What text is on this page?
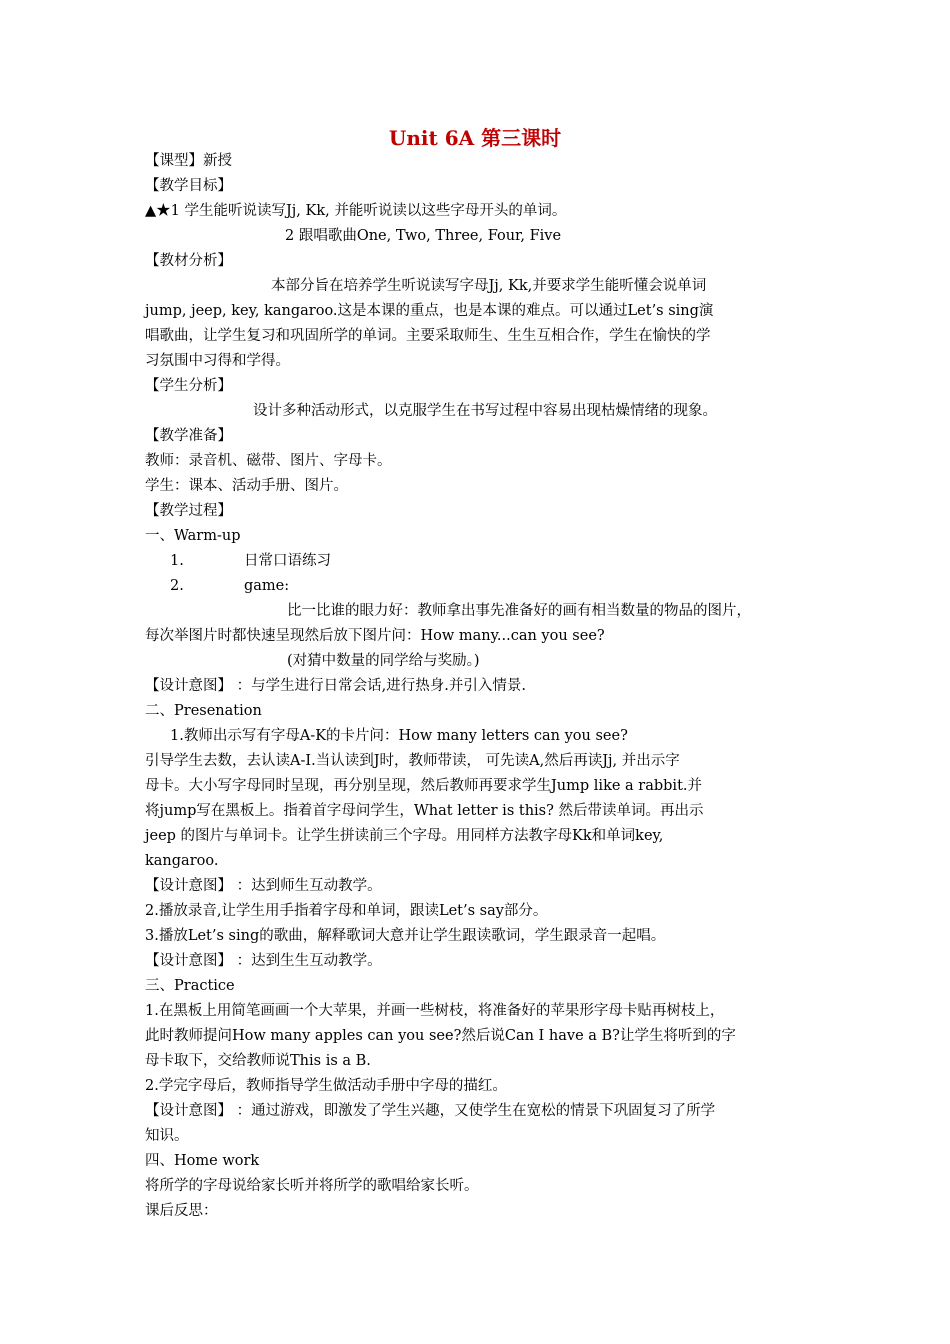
Unit 6A 第三课时
【课型】新授
【教学目标】
▲★1 学生能听说读写Jj, Kk, 并能听说读以这些字母开头的单词。
2 跟唱歌曲One, Two, Three, Four, Five
【教材分析】
本部分旨在培养学生听说读写字母Jj, Kk,并要求学生能听懂会说单词
jump, jeep, key, kangaroo.这是本课的重点，也是本课的难点。可以通过Let’s sing演
唱歌曲，让学生复习和巩固所学的单词。主要采取师生、生生互相合作，学生在愉快的学
习氛围中习得和学得。
【学生分析】
设计多种活动形式，以克服学生在书写过程中容易出现枯燥情绪的现象。
【教学准备】
教师：录音机、磁带、图片、字母卡。
学生：课本、活动手册、图片。
【教学过程】
一、Warm-up
1.	日常口语练习
2.	game:
比一比谁的眼力好：教师拿出事先准备好的画有相当数量的物品的图片，
每次举图片时都快速呈现然后放下图片问：How many...can you see?
(对猜中数量的同学给与奖励。)
【设计意图】 ：与学生进行日常会话,进行热身.并引入情景.
二、Presenation
1.教师出示写有字母A-K的卡片问：How many letters can you see?
引导学生去数，去认读A-I.当认读到J时，教师带读， 可先读A,然后再读Jj, 并出示字
母卡。大小写字母同时呈现，再分别呈现，然后教师再要求学生Jump like a rabbit.并
将jump写在黑板上。指着首字母问学生，What letter is this? 然后带读单词。再出示
jeep 的图片与单词卡。让学生拼读前三个字母。用同样方法教字母Kk和单词key,
kangaroo.
【设计意图】 ：达到师生互动教学。
2.播放录音,让学生用手指着字母和单词，跟读Let’s say部分。
3.播放Let’s sing的歌曲，解释歌词大意并让学生跟读歌词，学生跟录音一起唱。
【设计意图】 ：达到生生互动教学。
三、Practice
1.在黑板上用简笔画画一个大苹果，并画一些树枝，将准备好的苹果形字母卡贴再树枝上，
此时教师提问How many apples can you see?然后说Can I have a B?让学生将听到的字
母卡取下，交给教师说This is a B.
2.学完字母后，教师指导学生做活动手册中字母的描红。
【设计意图】 ：通过游戏，即激发了学生兴趣，又使学生在宽松的情景下巩固复习了所学
知识。
四、Home work
将所学的字母说给家长听并将所学的歌唱给家长听。
课后反思：
